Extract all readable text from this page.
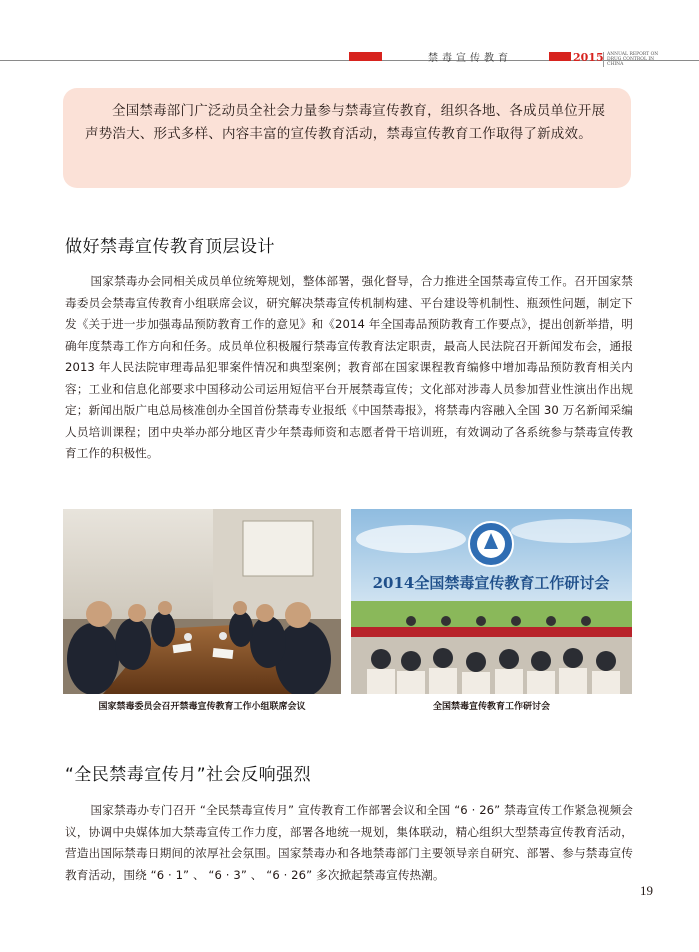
禁毒宣传教育	2015 ANNUAL REPORT ON DRUG CONTROL IN CHINA

全国禁毒部门广泛动员全社会力量参与禁毒宣传教育，组织各地、各成员单位开展声势浩大、形式多样、内容丰富的宣传教育活动，禁毒宣传教育工作取得了新成效。

做好禁毒宣传教育顶层设计

国家禁毒办会同相关成员单位统筹规划，整体部署，强化督导，合力推进全国禁毒宣传工作。召开国家禁毒委员会禁毒宣传教育小组联席会议，研究解决禁毒宣传机制构建、平台建设等机制性、瓶颈性问题，制定下发《关于进一步加强毒品预防教育工作的意见》和《2014 年全国毒品预防教育工作要点》，提出创新举措，明确年度禁毒工作方向和任务。成员单位积极履行禁毒宣传教育法定职责，最高人民法院召开新闻发布会，通报 2013 年人民法院审理毒品犯罪案件情况和典型案例；教育部在国家课程教育编修中增加毒品预防教育相关内容；工业和信息化部要求中国移动公司运用短信平台开展禁毒宣传；文化部对涉毒人员参加营业性演出作出规定；新闻出版广电总局核准创办全国首份禁毒专业报纸《中国禁毒报》，将禁毒内容融入全国 30 万名新闻采编人员培训课程；团中央举办部分地区青少年禁毒师资和志愿者骨干培训班，有效调动了各系统参与禁毒宣传教育工作的积极性。

2014全国禁毒宣传教育工作研讨会
国家禁毒委员会召开禁毒宣传教育工作小组联席会议	全国禁毒宣传教育工作研讨会
“全民禁毒宣传月”社会反响强烈

国家禁毒办专门召开 “全民禁毒宣传月” 宣传教育工作部署会议和全国 “6 · 26” 禁毒宣传工作紧急视频会议，协调中央媒体加大禁毒宣传工作力度，部署各地统一规划，集体联动，精心组织大型禁毒宣传教育活动，营造出国际禁毒日期间的浓厚社会氛围。国家禁毒办和各地禁毒部门主要领导亲自研究、部署、参与禁毒宣传教育活动，围绕 “6 · 1” 、 “6 · 3” 、 “6 · 26” 多次掀起禁毒宣传热潮。

19
